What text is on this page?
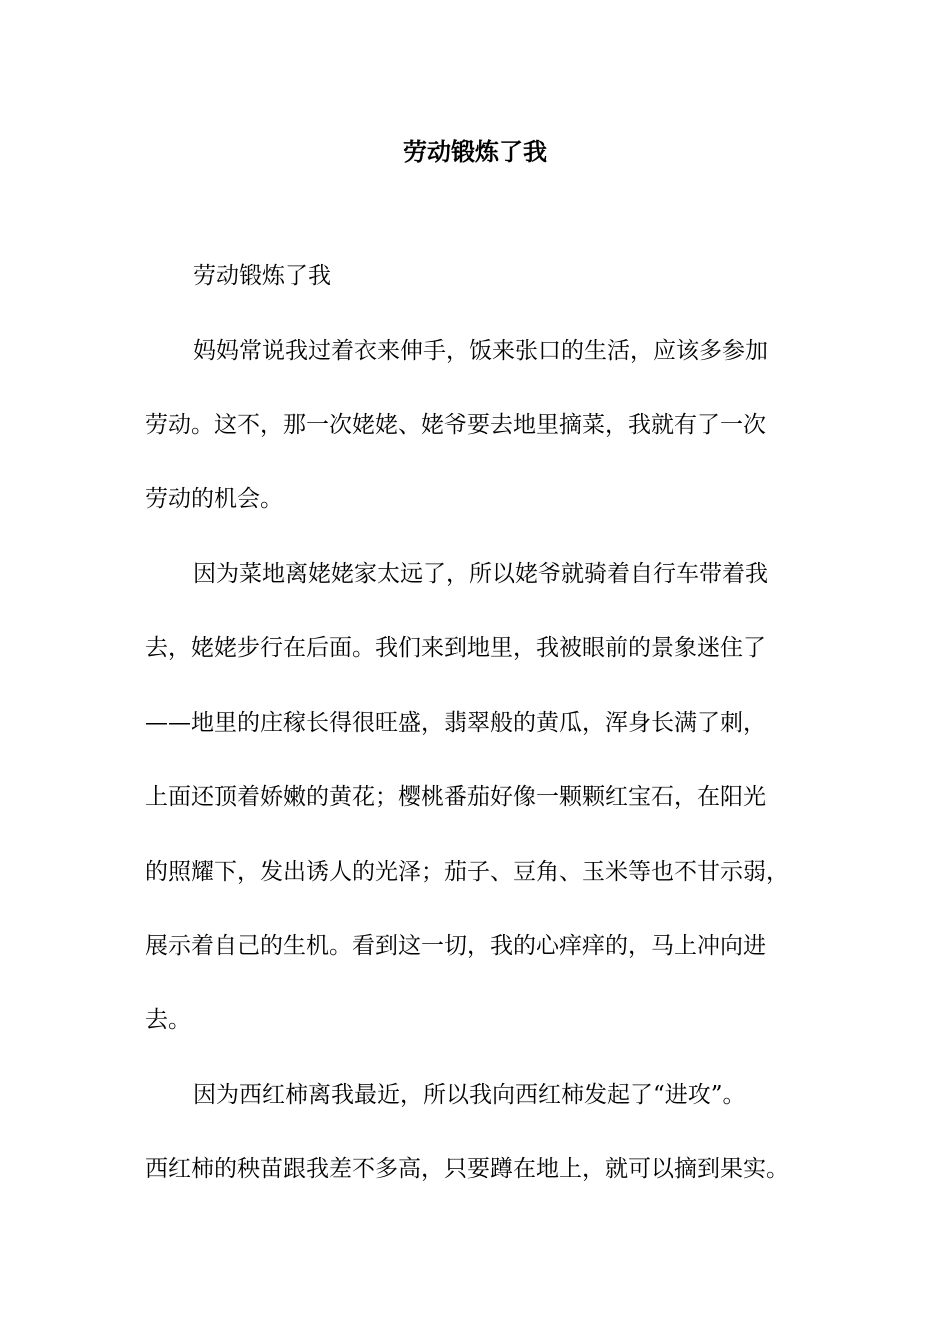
劳动锻炼了我

劳动锻炼了我

妈妈常说我过着衣来伸手，饭来张口的生活，应该多参加

劳动。这不，那一次姥姥、姥爷要去地里摘菜，我就有了一次

劳动的机会。

因为菜地离姥姥家太远了，所以姥爷就骑着自行车带着我

去，姥姥步行在后面。我们来到地里，我被眼前的景象迷住了

——地里的庄稼长得很旺盛，翡翠般的黄瓜，浑身长满了刺，

上面还顶着娇嫩的黄花；樱桃番茄好像一颗颗红宝石，在阳光

的照耀下，发出诱人的光泽；茄子、豆角、玉米等也不甘示弱，

展示着自己的生机。看到这一切，我的心痒痒的，马上冲向进

去。

因为西红柿离我最近，所以我向西红柿发起了“进攻”。

西红柿的秧苗跟我差不多高，只要蹲在地上，就可以摘到果实。
